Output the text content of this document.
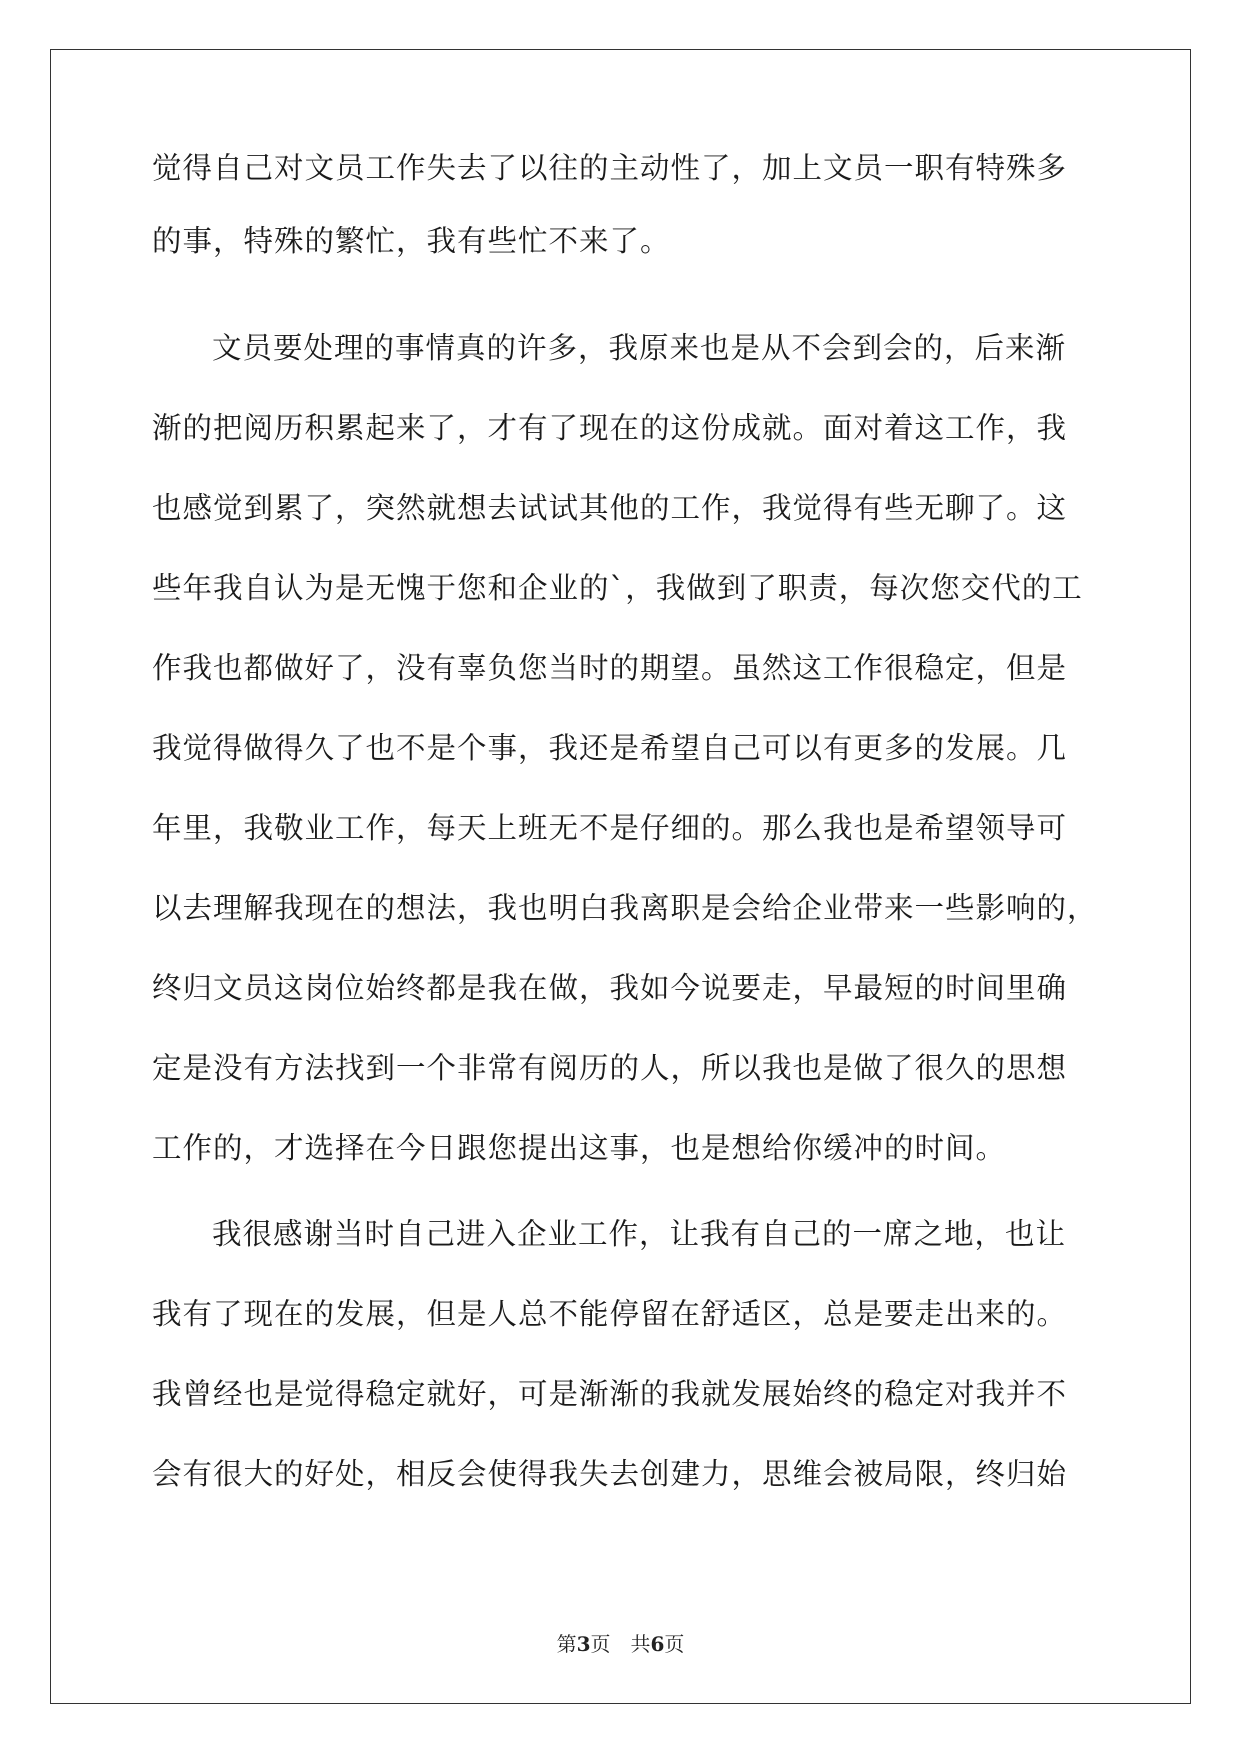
觉得自己对文员工作失去了以往的主动性了，加上文员一职有特殊多
的事，特殊的繁忙，我有些忙不来了。
文员要处理的事情真的许多，我原来也是从不会到会的，后来渐
渐的把阅历积累起来了，才有了现在的这份成就。面对着这工作，我
也感觉到累了，突然就想去试试其他的工作，我觉得有些无聊了。这
些年我自认为是无愧于您和企业的`，我做到了职责，每次您交代的工
作我也都做好了，没有辜负您当时的期望。虽然这工作很稳定，但是
我觉得做得久了也不是个事，我还是希望自己可以有更多的发展。几
年里，我敬业工作，每天上班无不是仔细的。那么我也是希望领导可
以去理解我现在的想法，我也明白我离职是会给企业带来一些影响的，
终归文员这岗位始终都是我在做，我如今说要走，早最短的时间里确
定是没有方法找到一个非常有阅历的人，所以我也是做了很久的思想
工作的，才选择在今日跟您提出这事，也是想给你缓冲的时间。
我很感谢当时自己进入企业工作，让我有自己的一席之地，也让
我有了现在的发展，但是人总不能停留在舒适区，总是要走出来的。
我曾经也是觉得稳定就好，可是渐渐的我就发展始终的稳定对我并不
会有很大的好处，相反会使得我失去创建力，思维会被局限，终归始
第3页　共6页
